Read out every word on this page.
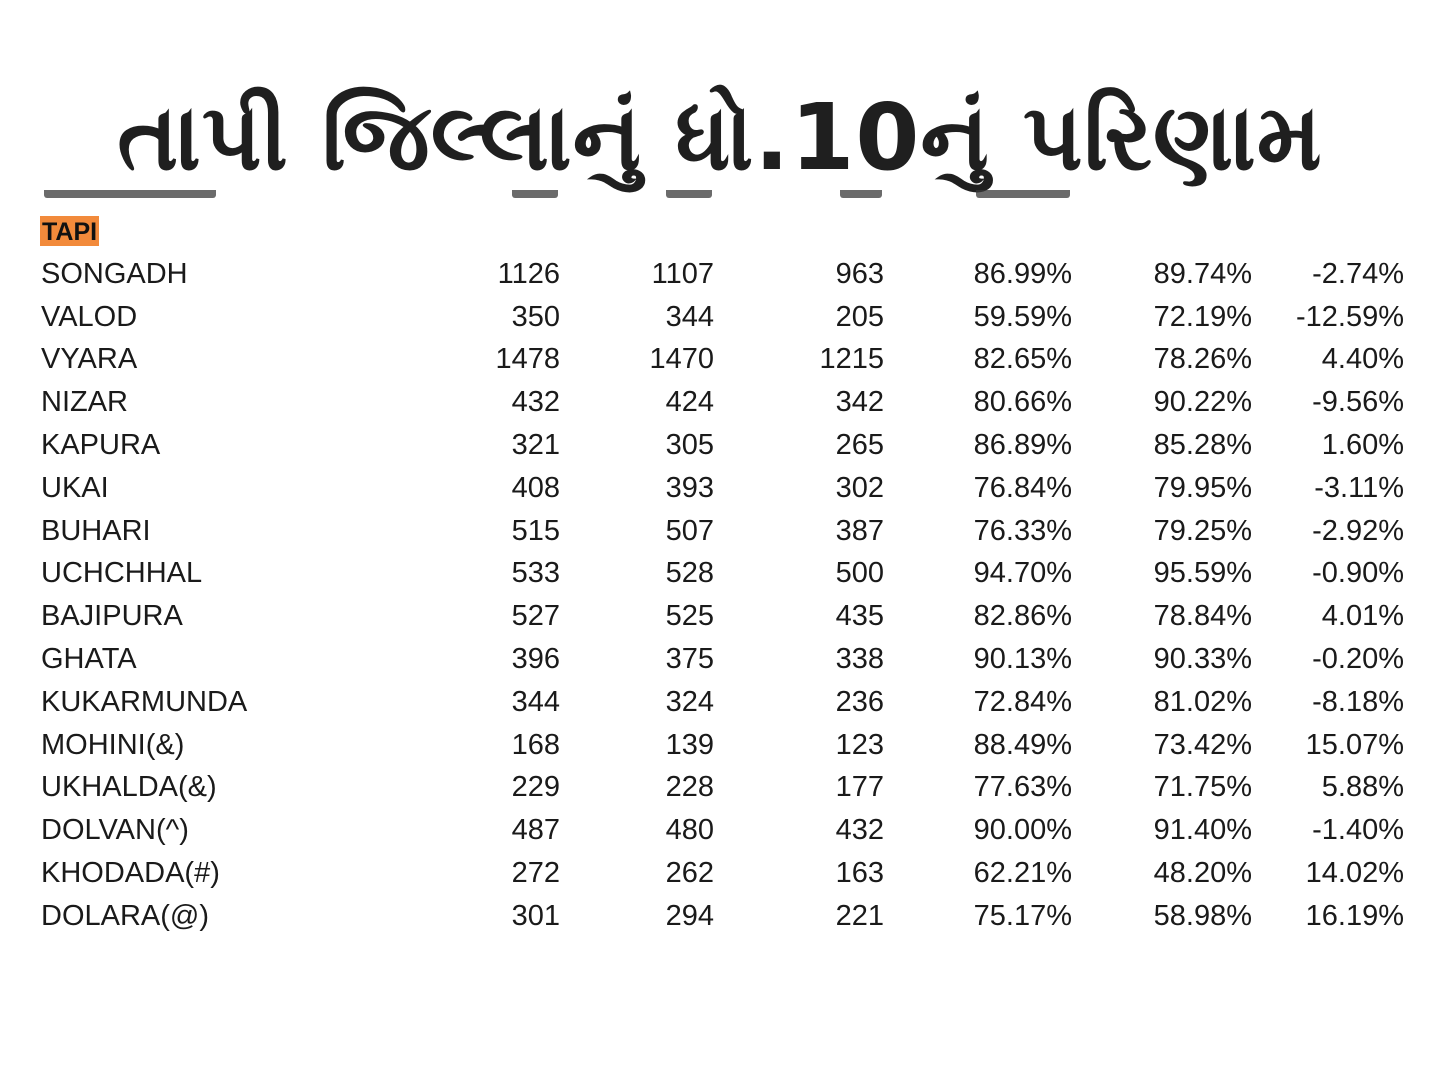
તાપી જિલ્લાનું ધો.10નું પરિણામ
TAPI
SONGADH	1126	1107	963	86.99%	89.74%	-2.74%	
VALOD	350	344	205	59.59%	72.19%	-12.59%	
VYARA	1478	1470	1215	82.65%	78.26%	4.40%	
NIZAR	432	424	342	80.66%	90.22%	-9.56%	
KAPURA	321	305	265	86.89%	85.28%	1.60%	
UKAI	408	393	302	76.84%	79.95%	-3.11%	
BUHARI	515	507	387	76.33%	79.25%	-2.92%	
UCHCHHAL	533	528	500	94.70%	95.59%	-0.90%	
BAJIPURA	527	525	435	82.86%	78.84%	4.01%	
GHATA	396	375	338	90.13%	90.33%	-0.20%	
KUKARMUNDA	344	324	236	72.84%	81.02%	-8.18%	
MOHINI(&)	168	139	123	88.49%	73.42%	15.07%	
UKHALDA(&)	229	228	177	77.63%	71.75%	5.88%	
DOLVAN(^)	487	480	432	90.00%	91.40%	-1.40%	
KHODADA(#)	272	262	163	62.21%	48.20%	14.02%	
DOLARA(@)	301	294	221	75.17%	58.98%	16.19%	
